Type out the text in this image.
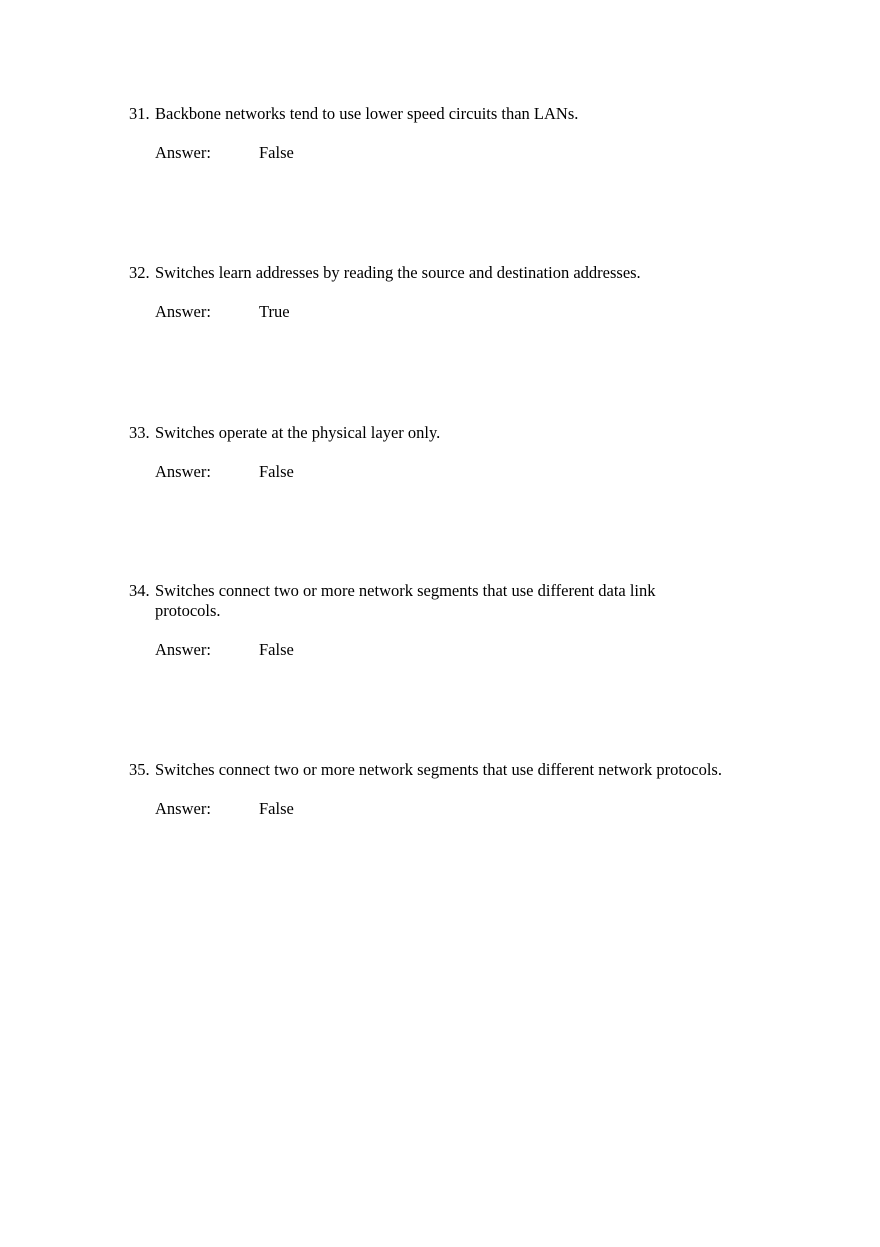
31. Backbone networks tend to use lower speed circuits than LANs.
Answer:	False
32. Switches learn addresses by reading the source and destination addresses.
Answer:	True
33. Switches operate at the physical layer only.
Answer:	False
34. Switches connect two or more network segments that use different data link protocols.
Answer:	False
35. Switches connect two or more network segments that use different network protocols.
Answer:	False
